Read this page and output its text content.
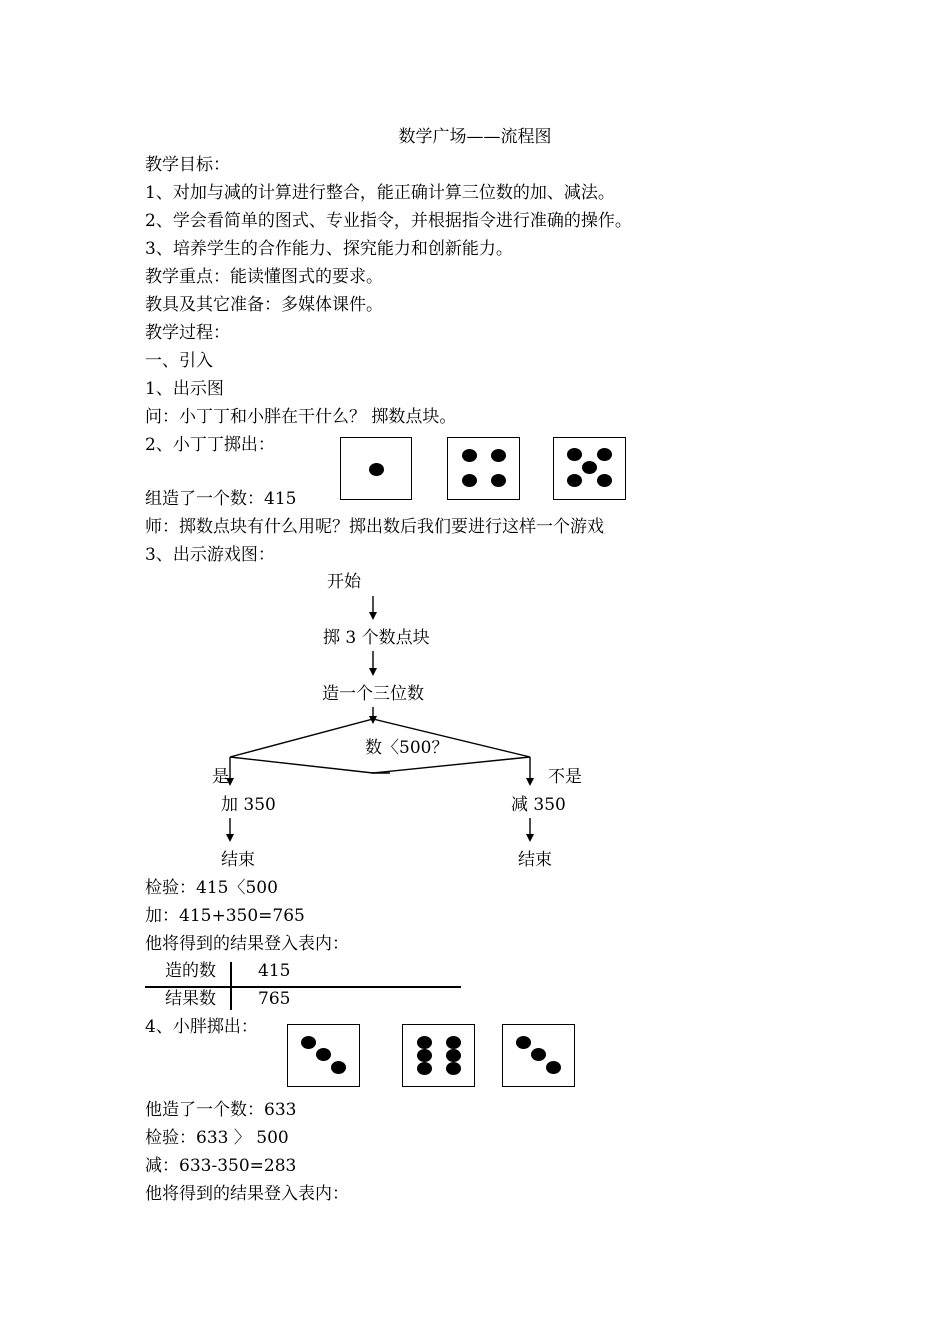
数学广场——流程图
教学目标：
1、对加与减的计算进行整合，能正确计算三位数的加、减法。
2、学会看简单的图式、专业指令，并根据指令进行准确的操作。
3、培养学生的合作能力、探究能力和创新能力。
教学重点：能读懂图式的要求。
教具及其它准备：多媒体课件。
教学过程：
一、引入
1、出示图
问：小丁丁和小胖在干什么？ 掷数点块。
2、小丁丁掷出：
组造了一个数：415
师：掷数点块有什么用呢？掷出数后我们要进行这样一个游戏
3、出示游戏图：
开始
掷 3 个数点块
造一个三位数
数〈500？
是	不是
加 350	减 350
结束	结束
检验：415〈500
加：415+350=765
他将得到的结果登入表内：
造的数 415
结果数 765
4、小胖掷出：
他造了一个数：633
检验：633 〉 500
减：633-350=283
他将得到的结果登入表内：
